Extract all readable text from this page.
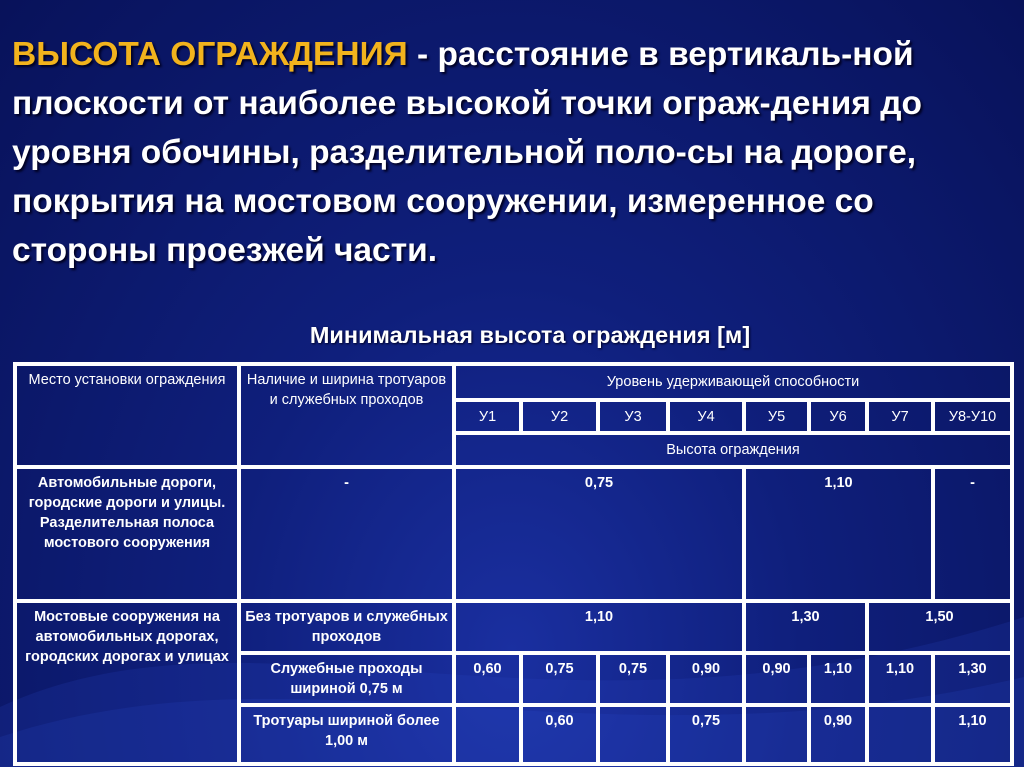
ВЫСОТА ОГРАЖДЕНИЯ - расстояние в вертикаль-ной плоскости от наиболее высокой точки ограж-дения до уровня обочины, разделительной поло-сы на дороге, покрытия на мостовом сооружении, измеренное со стороны проезжей части.

Минимальная высота ограждения [м]
Место установки ограждения	Наличие и ширина тротуаров и служебных проходов	Уровень удерживающей способности							
		У1	У2	У3	У4	У5	У6	У7	У8-У10
		Высота ограждения							
Автомобильные дороги, городские дороги и улицы. Разделительная полоса мостового сооружения	-	0,75				1,10			-
Мостовые сооружения на автомобильных дорогах, городских дорогах и улицах	Без тротуаров и служебных проходов	1,10				1,30		1,50	
	Служебные проходы шириной 0,75 м	0,60	0,75	0,75	0,90	0,90	1,10	1,10	1,30
	Тротуары шириной более 1,00 м		0,60		0,75		0,90		1,10
